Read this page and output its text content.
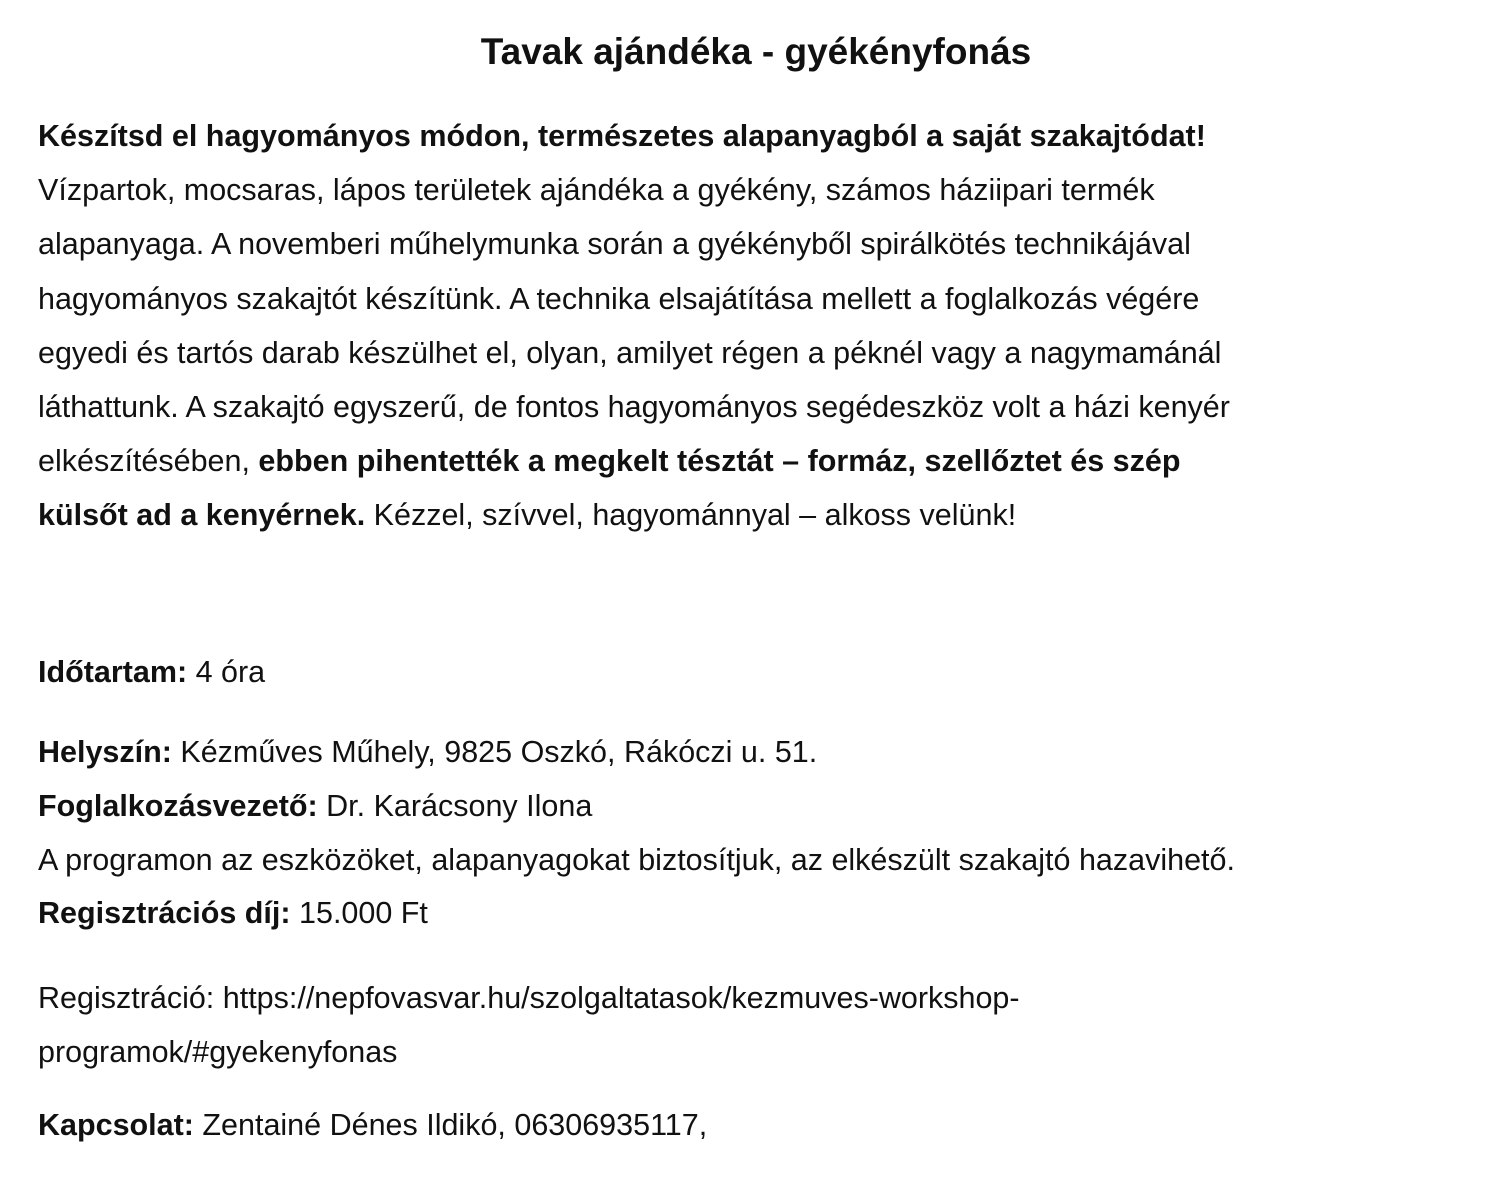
Tavak ajándéka - gyékényfonás
Készítsd el hagyományos módon, természetes alapanyagból a saját szakajtódat!
Vízpartok, mocsaras, lápos területek ajándéka a gyékény, számos háziipari termék
alapanyaga. A novemberi műhelymunka során a gyékényből spirálkötés technikájával
hagyományos szakajtót készítünk. A technika elsajátítása mellett a foglalkozás végére
egyedi és tartós darab készülhet el, olyan, amilyet régen a péknél vagy a nagymamánál
láthattunk. A szakajtó egyszerű, de fontos hagyományos segédeszköz volt a házi kenyér
elkészítésében, ebben pihentették a megkelt tésztát – formáz, szellőztet és szép
külsőt ad a kenyérnek. Kézzel, szívvel, hagyománnyal – alkoss velünk!

Időtartam: 4 óra

Helyszín: Kézműves Műhely, 9825 Oszkó, Rákóczi u. 51.

Foglalkozásvezető: Dr. Karácsony Ilona

A programon az eszközöket, alapanyagokat biztosítjuk, az elkészült szakajtó hazavihető.

Regisztrációs díj: 15.000 Ft

Regisztráció: https://nepfovasvar.hu/szolgaltatasok/kezmuves-workshop-
programok/#gyekenyfonas

Kapcsolat: Zentainé Dénes Ildikó, 06306935117,
